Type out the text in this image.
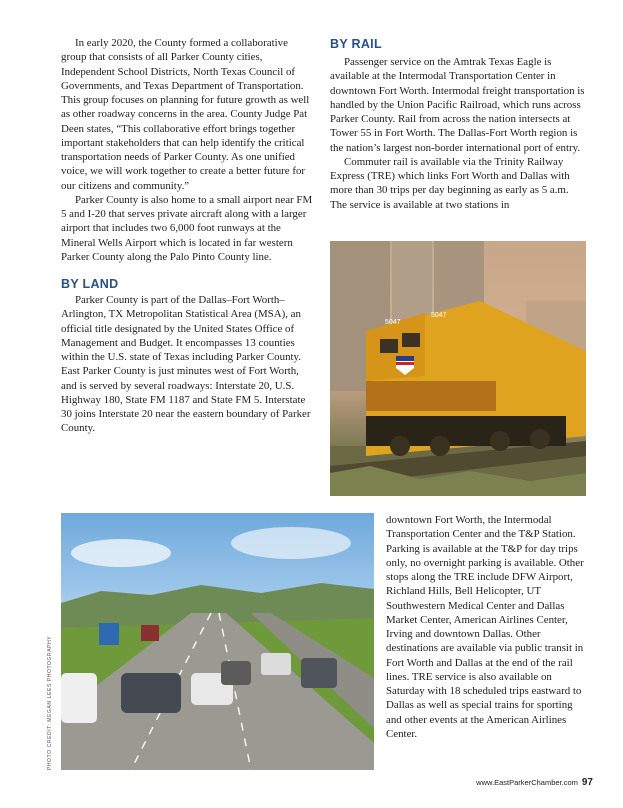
In early 2020, the County formed a collaborative group that consists of all Parker County cities, Independent School Districts, North Texas Council of Governments, and Texas Department of Transportation. This group focuses on planning for future growth as well as other roadway concerns in the area. County Judge Pat Deen states, “This collaborative effort brings together important stakeholders that can help identify the critical transportation needs of Parker County. As one unified voice, we will work together to create a better future for our citizens and community.”

Parker County is also home to a small airport near FM 5 and I-20 that serves private aircraft along with a larger airport that includes two 6,000 foot runways at the Mineral Wells Airport which is located in far western Parker County along the Palo Pinto County line.

BY LAND

Parker County is part of the Dallas–Fort Worth–Arlington, TX Metropolitan Statistical Area (MSA), an official title designated by the United States Office of Management and Budget. It encompasses 13 counties within the U.S. state of Texas including Parker County. East Parker County is just minutes west of Fort Worth, and is served by several roadways: Interstate 20, U.S. Highway 180, State FM 1187 and State FM 5. Interstate 30 joins Interstate 20 near the eastern boundary of Parker County.

BY RAIL

Passenger service on the Amtrak Texas Eagle is available at the Intermodal Transportation Center in downtown Fort Worth. Intermodal freight transportation is handled by the Union Pacific Railroad, which runs across Parker County. Rail from across the nation intersects at Tower 55 in Fort Worth. The Dallas-Fort Worth region is the nation’s largest non-border international port of entry.

Commuter rail is available via the Trinity Railway Express (TRE) which links Fort Worth and Dallas with more than 30 trips per day beginning as early as 5 a.m. The service is available at two stations in

5047
5047
PHOTO CREDIT: MEGAN LEES PHOTOGRAPHY

downtown Fort Worth, the Intermodal Transportation Center and the T&P Station. Parking is available at the T&P for day trips only, no overnight parking is available. Other stops along the TRE include DFW Airport, Richland Hills, Bell Helicopter, UT Southwestern Medical Center and Dallas Market Center, American Airlines Center, Irving and downtown Dallas. Other destinations are available via public transit in Fort Worth and Dallas at the end of the rail lines. TRE service is also available on Saturday with 18 scheduled trips eastward to Dallas as well as special trains for sporting and other events at the American Airlines Center.

www.EastParkerChamber.com 97
